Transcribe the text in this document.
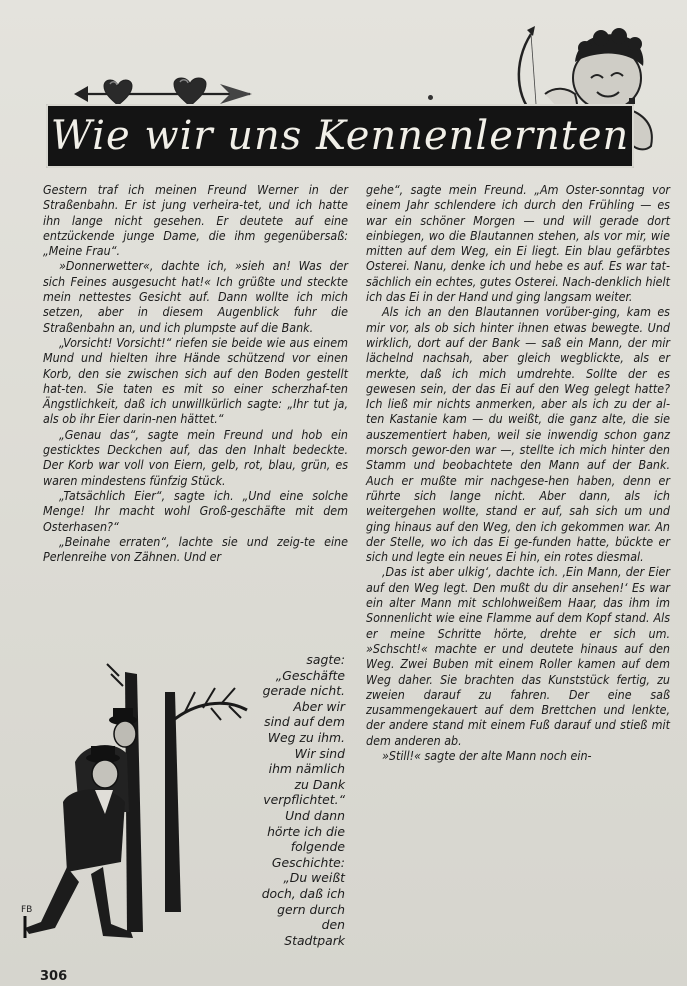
Wie wir uns Kennenlernten

Gestern traf ich meinen Freund Werner in der Straßenbahn. Er ist jung verheira-tet, und ich hatte ihn lange nicht gesehen. Er deutete auf eine entzückende junge Dame, die ihm gegenübersaß: „Meine Frau“.

»Donnerwetter«, dachte ich, »sieh an! Was der sich Feines ausgesucht hat!« Ich grüßte und steckte mein nettestes Gesicht auf. Dann wollte ich mich setzen, aber in diesem Augenblick fuhr die Straßenbahn an, und ich plumpste auf die Bank.

„Vorsicht! Vorsicht!“ riefen sie beide wie aus einem Mund und hielten ihre Hände schützend vor einen Korb, den sie zwischen sich auf den Boden gestellt hat-ten. Sie taten es mit so einer scherzhaf-ten Ängstlichkeit, daß ich unwillkürlich sagte: „Ihr tut ja, als ob ihr Eier darin-nen hättet.“

„Genau das“, sagte mein Freund und hob ein gesticktes Deckchen auf, das den Inhalt bedeckte. Der Korb war voll von Eiern, gelb, rot, blau, grün, es waren mindestens fünfzig Stück.

„Tatsächlich Eier“, sagte ich. „Und eine solche Menge! Ihr macht wohl Groß-geschäfte mit dem Osterhasen?“

„Beinahe erraten“, lachte sie und zeig-te eine Perlenreihe von Zähnen. Und er

sagte:

„Geschäfte

gerade nicht.

Aber wir

sind auf dem

Weg zu ihm.

Wir sind

ihm nämlich

zu Dank

verpflichtet.“

Und dann

hörte ich die

folgende

Geschichte:

„Du weißt

doch, daß ich

gern durch

den

Stadtpark

FB

gehe“, sagte mein Freund. „Am Oster-sonntag vor einem Jahr schlendere ich durch den Frühling — es war ein schöner Morgen — und will gerade dort einbiegen, wo die Blautannen stehen, als vor mir, wie mitten auf dem Weg, ein Ei liegt. Ein blau gefärbtes Osterei. Nanu, denke ich und hebe es auf. Es war tat-sächlich ein echtes, gutes Osterei. Nach-denklich hielt ich das Ei in der Hand und ging langsam weiter.

Als ich an den Blautannen vorüber-ging, kam es mir vor, als ob sich hinter ihnen etwas bewegte. Und wirklich, dort auf der Bank — saß ein Mann, der mir lächelnd nachsah, aber gleich wegblickte, als er merkte, daß ich mich umdrehte. Sollte der es gewesen sein, der das Ei auf den Weg gelegt hatte? Ich ließ mir nichts anmerken, aber als ich zu der al-ten Kastanie kam — du weißt, die ganz alte, die sie auszementiert haben, weil sie inwendig schon ganz morsch gewor-den war —, stellte ich mich hinter den Stamm und beobachtete den Mann auf der Bank. Auch er mußte mir nachgese-hen haben, denn er rührte sich lange nicht. Aber dann, als ich weitergehen wollte, stand er auf, sah sich um und ging hinaus auf den Weg, den ich gekommen war. An der Stelle, wo ich das Ei ge-funden hatte, bückte er sich und legte ein neues Ei hin, ein rotes diesmal.

‚Das ist aber ulkig‘, dachte ich. ‚Ein Mann, der Eier auf den Weg legt. Den mußt du dir ansehen!‘ Es war ein alter Mann mit schlohweißem Haar, das ihm im Sonnenlicht wie eine Flamme auf dem Kopf stand. Als er meine Schritte hörte, drehte er sich um. »Schscht!« machte er und deutete hinaus auf den Weg. Zwei Buben mit einem Roller kamen auf dem Weg daher. Sie brachten das Kunststück fertig, zu zweien darauf zu fahren. Der eine saß zusammengekauert auf dem Brettchen und lenkte, der andere stand mit einem Fuß darauf und stieß mit dem anderen ab.

»Still!« sagte der alte Mann noch ein-

306
